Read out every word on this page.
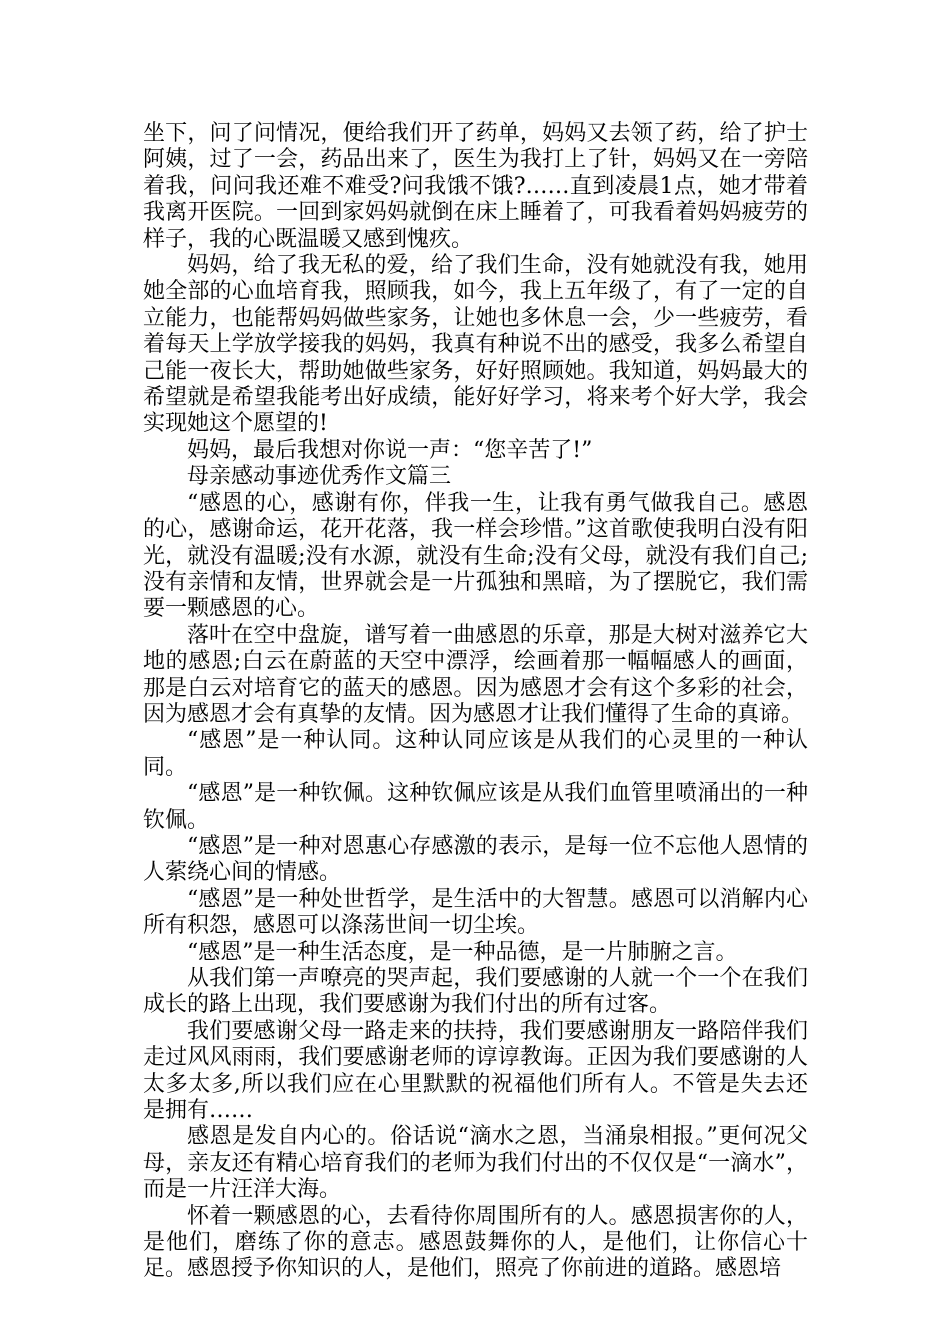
坐下，问了问情况，便给我们开了药单，妈妈又去领了药，给了护士阿姨，过了一会，药品出来了，医生为我打上了针，妈妈又在一旁陪着我，问问我还难不难受?问我饿不饿?……直到凌晨1点，她才带着我离开医院。一回到家妈妈就倒在床上睡着了，可我看着妈妈疲劳的样子，我的心既温暖又感到愧疚。

妈妈，给了我无私的爱，给了我们生命，没有她就没有我，她用她全部的心血培育我，照顾我，如今，我上五年级了，有了一定的自立能力，也能帮妈妈做些家务，让她也多休息一会，少一些疲劳，看着每天上学放学接我的妈妈，我真有种说不出的感受，我多么希望自己能一夜长大，帮助她做些家务，好好照顾她。我知道，妈妈最大的希望就是希望我能考出好成绩，能好好学习，将来考个好大学，我会实现她这个愿望的!

妈妈，最后我想对你说一声：“您辛苦了!”

母亲感动事迹优秀作文篇三

“感恩的心，感谢有你，伴我一生，让我有勇气做我自己。感恩的心，感谢命运，花开花落，我一样会珍惜。”这首歌使我明白没有阳光，就没有温暖;没有水源，就没有生命;没有父母，就没有我们自己;没有亲情和友情，世界就会是一片孤独和黑暗，为了摆脱它，我们需要一颗感恩的心。

落叶在空中盘旋，谱写着一曲感恩的乐章，那是大树对滋养它大地的感恩;白云在蔚蓝的天空中漂浮，绘画着那一幅幅感人的画面，那是白云对培育它的蓝天的感恩。因为感恩才会有这个多彩的社会，因为感恩才会有真挚的友情。因为感恩才让我们懂得了生命的真谛。

“感恩”是一种认同。这种认同应该是从我们的心灵里的一种认同。

“感恩”是一种钦佩。这种钦佩应该是从我们血管里喷涌出的一种钦佩。

“感恩”是一种对恩惠心存感激的表示，是每一位不忘他人恩情的人萦绕心间的情感。

“感恩”是一种处世哲学，是生活中的大智慧。感恩可以消解内心所有积怨，感恩可以涤荡世间一切尘埃。

“感恩”是一种生活态度，是一种品德，是一片肺腑之言。

从我们第一声嘹亮的哭声起，我们要感谢的人就一个一个在我们成长的路上出现，我们要感谢为我们付出的所有过客。

我们要感谢父母一路走来的扶持，我们要感谢朋友一路陪伴我们走过风风雨雨，我们要感谢老师的谆谆教诲。正因为我们要感谢的人太多太多,所以我们应在心里默默的祝福他们所有人。不管是失去还是拥有……

感恩是发自内心的。俗话说“滴水之恩，当涌泉相报。”更何况父母，亲友还有精心培育我们的老师为我们付出的不仅仅是“一滴水”，而是一片汪洋大海。

怀着一颗感恩的心，去看待你周围所有的人。感恩损害你的人，是他们，磨练了你的意志。感恩鼓舞你的人，是他们，让你信心十足。感恩授予你知识的人，是他们，照亮了你前进的道路。感恩培
